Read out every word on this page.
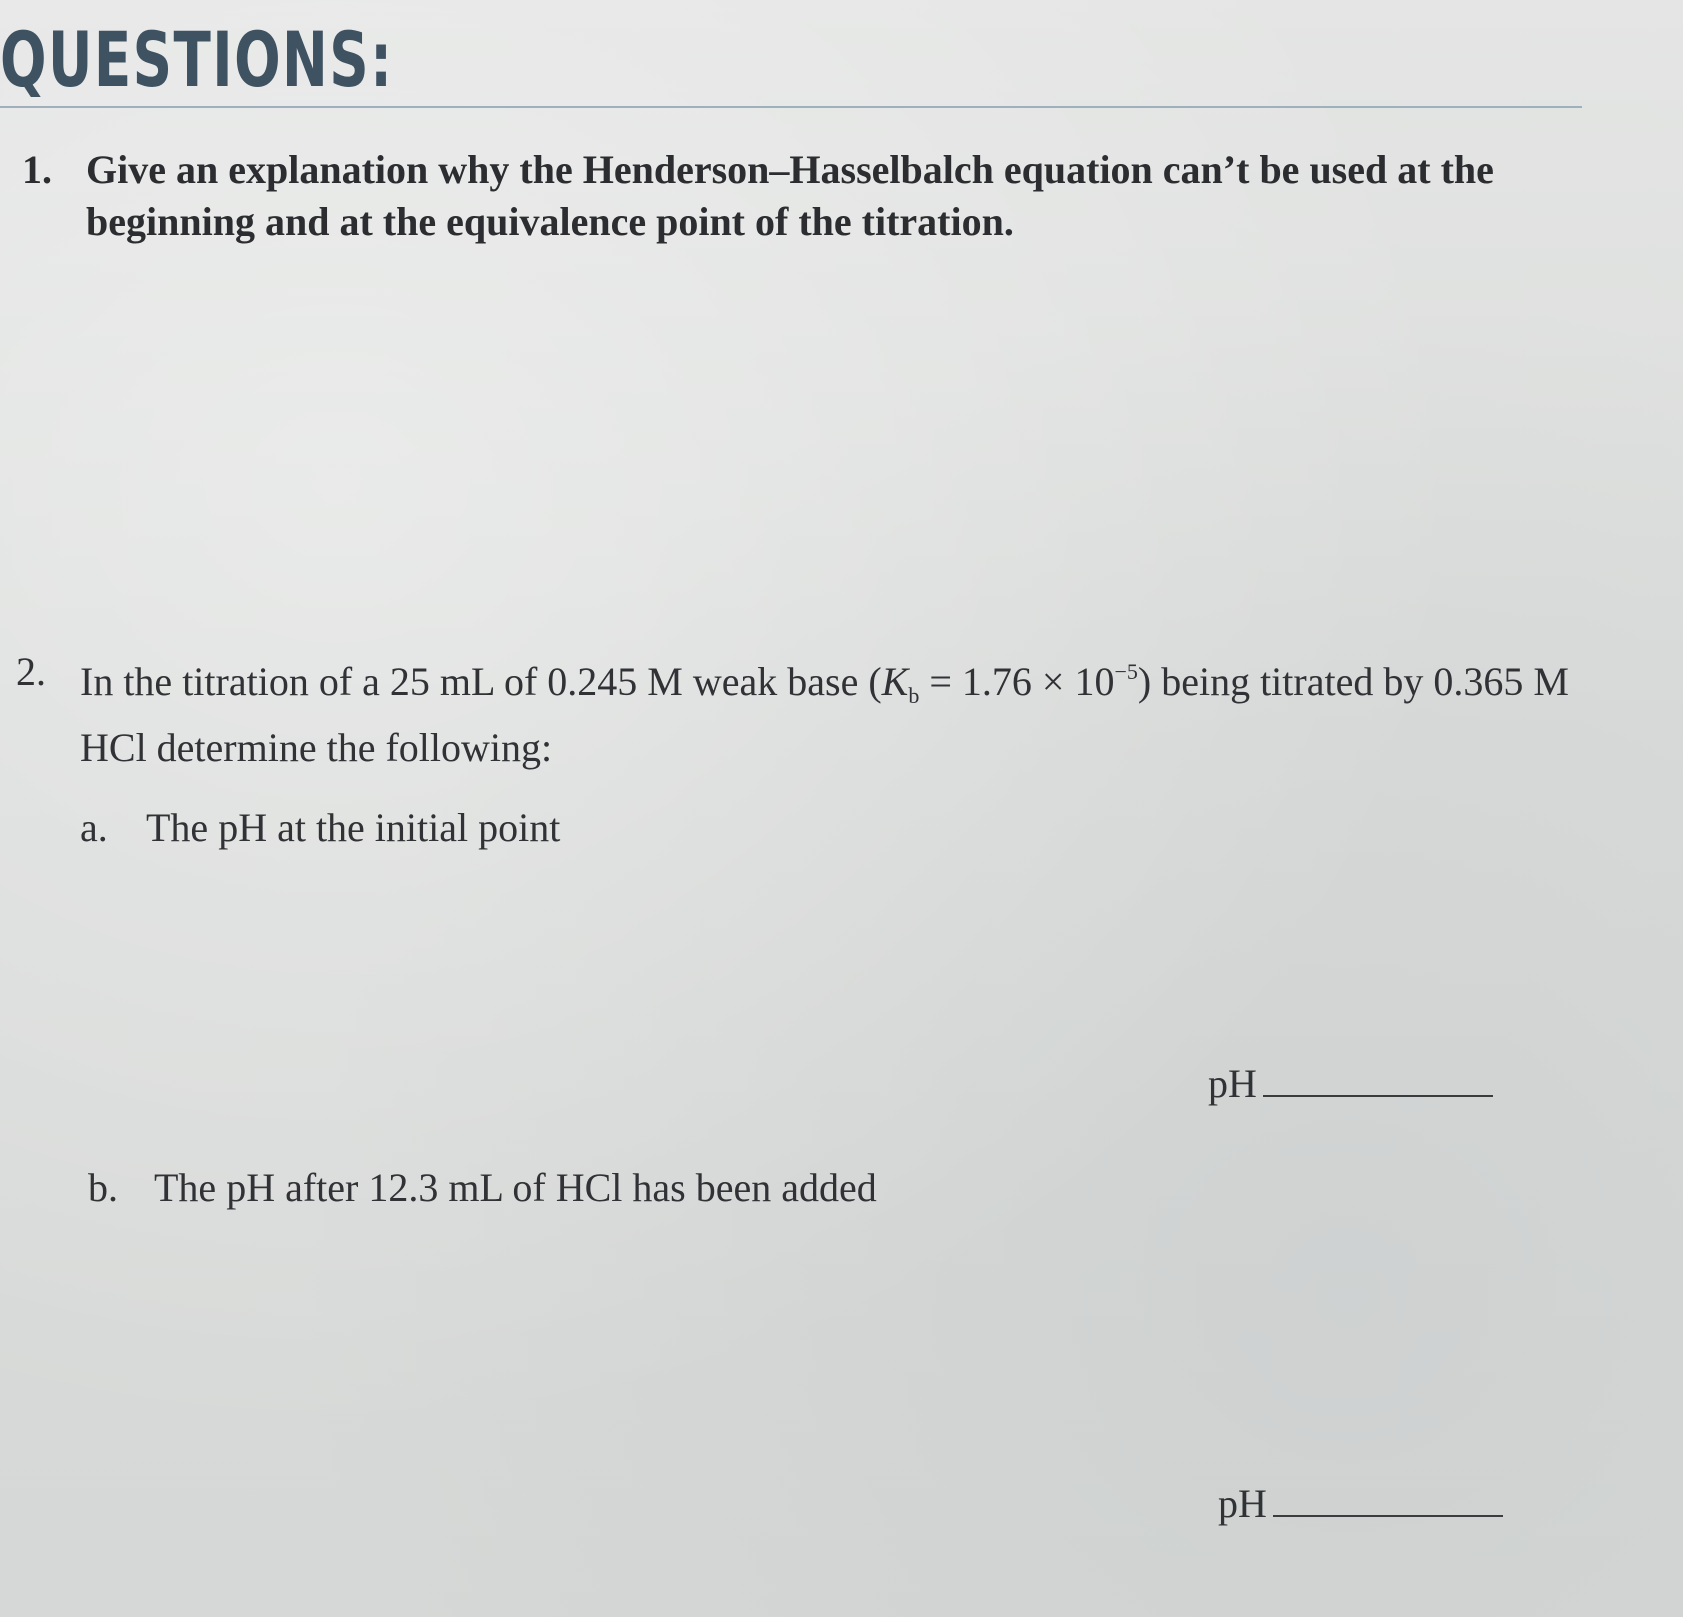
QUESTIONS:
1. Give an explanation why the Henderson–Hasselbalch equation can’t be used at the beginning and at the equivalence point of the titration.
2. In the titration of a 25 mL of 0.245 M weak base $(K_b = 1.76 \times 10^{-5})$ being titrated by 0.365 M HCl determine the following:
a. The pH at the initial point
pH
b. The pH after 12.3 mL of HCl has been added
pH
